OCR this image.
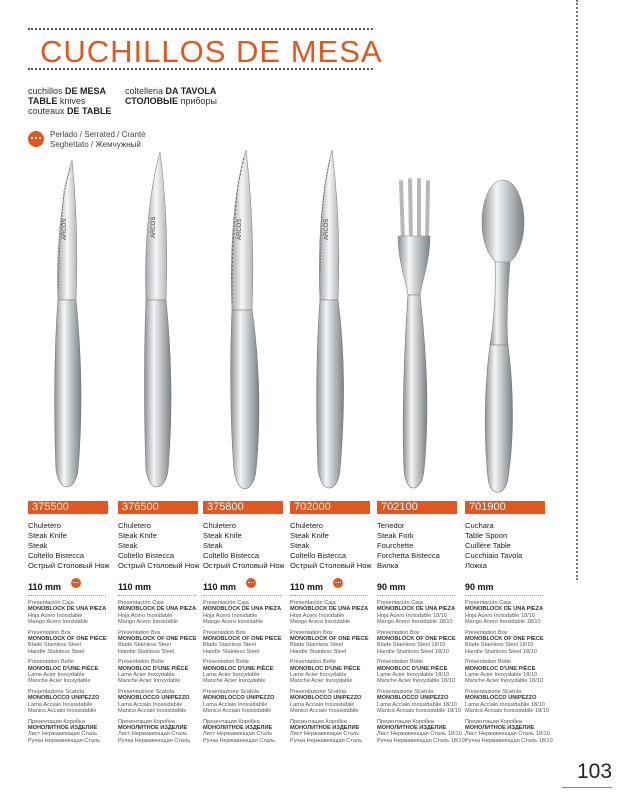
CUCHILLOS DE MESA
cuchillos DE MESA
TABLE knives
couteaux DE TABLE
coltelleria DA TAVOLA
СТОЛОВЫЕ приборы
Perlado / Serrated / Cranté
Seghettato / Жемчужный
ARCOS	ARCOS	ARCOS	ARCOS
375500
Chuletero
Steak Knife
Steak
Coltello Bistecca
Острый Столовый Нож
110 mm
Presentación Caja
MONOBLOCK DE UNA PIEZA
Hoja Acero Inoxidable
Mango Acero Inoxidable
Presentation Box
MONOBLOCK OF ONE PIECE
Blade Stainless Steel
Handle Stainless Steel
Présentation Boîte
MONOBLOC D'UNE PIÈCE
Lame Acier Inoxydable
Manche Acier Inoxydable
Presentazione Scatola
MONOBLOCCO UNIPEZZO
Lama Acciaio Inossidabile
Manico Acciaio Inossidabile
Презентация Коробка
МОНОЛИТНОЕ ИЗДЕЛИЕ
Лист Нержавеющая Сталь
Ручка Нержавеющая Сталь
376500
Chuletero
Steak Knife
Steak
Coltello Bistecca
Острый Столовый Нож
110 mm
Presentación Caja
MONOBLOCK DE UNA PIEZA
Hoja Acero Inoxidable
Mango Acero Inoxidable
Presentation Box
MONOBLOCK OF ONE PIECE
Blade Stainless Steel
Handle Stainless Steel
Présentation Boîte
MONOBLOC D'UNE PIÈCE
Lame Acier Inoxydable
Manche Acier Inoxydable
Presentazione Scatola
MONOBLOCCO UNIPEZZO
Lama Acciaio Inossidabile
Manico Acciaio Inossidabile
Презентация Коробка
МОНОЛИТНОЕ ИЗДЕЛИЕ
Лист Нержавеющая Сталь
Ручка Нержавеющая Сталь
375800
Chuletero
Steak Knife
Steak
Coltello Bistecca
Острый Столовый Нож
110 mm
Presentación Caja
MONOBLOCK DE UNA PIEZA
Hoja Acero Inoxidable
Mango Acero Inoxidable
Presentation Box
MONOBLOCK OF ONE PIECE
Blade Stainless Steel
Handle Stainless Steel
Présentation Boîte
MONOBLOC D'UNE PIÈCE
Lame Acier Inoxydable
Manche Acier Inoxydable
Presentazione Scatola
MONOBLOCCO UNIPEZZO
Lama Acciaio Inossidabile
Manico Acciaio Inossidabile
Презентация Коробка
МОНОЛИТНОЕ ИЗДЕЛИЕ
Лист Нержавеющая Сталь
Ручка Нержавеющая Сталь
702000
Chuletero
Steak Knife
Steak
Coltello Bistecca
Острый Столовый Нож
110 mm
Presentación Caja
MONOBLOCK DE UNA PIEZA
Hoja Acero Inoxidable
Mango Acero Inoxidable
Presentation Box
MONOBLOCK OF ONE PIECE
Blade Stainless Steel
Handle Stainless Steel
Présentation Boîte
MONOBLOC D'UNE PIÈCE
Lame Acier Inoxydable
Manche Acier Inoxydable
Presentazione Scatola
MONOBLOCCO UNIPEZZO
Lama Acciaio Inossidabile
Manico Acciaio Inossidabile
Презентация Коробка
МОНОЛИТНОЕ ИЗДЕЛИЕ
Лист Нержавеющая Сталь
Ручка Нержавеющая Сталь
702100
Tenedor
Steak Fork
Fourchette
Forchetta Bistecca
Вилка
90 mm
Presentación Caja
MONOBLOCK DE UNA PIEZA
Hoja Acero Inoxidable 18/10
Mango Acero Inoxidable 18/10
Presentation Box
MONOBLOCK OF ONE PIECE
Blade Stainless Steel 18/10
Handle Stainless Steel 18/10
Présentation Boîte
MONOBLOC D'UNE PIÈCE
Lame Acier Inoxydable 18/10
Manche Acier Inoxydable 18/10
Presentazione Scatola
MONOBLOCCO UNIPEZZO
Lama Acciaio Inossidabile 18/10
Manico Acciaio Inossidabile 18/10
Презентация Коробка
МОНОЛИТНОЕ ИЗДЕЛИЕ
Лист Нержавеющая Сталь 18/10
Ручка Нержавеющая Сталь 18/10
701900
Cuchara
Table Spoon
Cuillère Table
Cucchiaio Tavola
Ложка
90 mm
Presentación Caja
MONOBLOCK DE UNA PIEZA
Hoja Acero Inoxidable 18/10
Mango Acero Inoxidable 18/10
Presentation Box
MONOBLOCK OF ONE PIECE
Blade Stainless Steel 18/10
Handle Stainless Steel 18/10
Présentation Boîte
MONOBLOC D'UNE PIÈCE
Lame Acier Inoxydable 18/10
Manche Acier Inoxydable 18/10
Presentazione Scatola
MONOBLOCCO UNIPEZZO
Lama Acciaio Inossidabile 18/10
Manico Acciaio Inossidabile 18/10
Презентация Коробка
МОНОЛИТНОЕ ИЗДЕЛИЕ
Лист Нержавеющая Сталь 18/10
Ручка Нержавеющая Сталь 18/10
103
